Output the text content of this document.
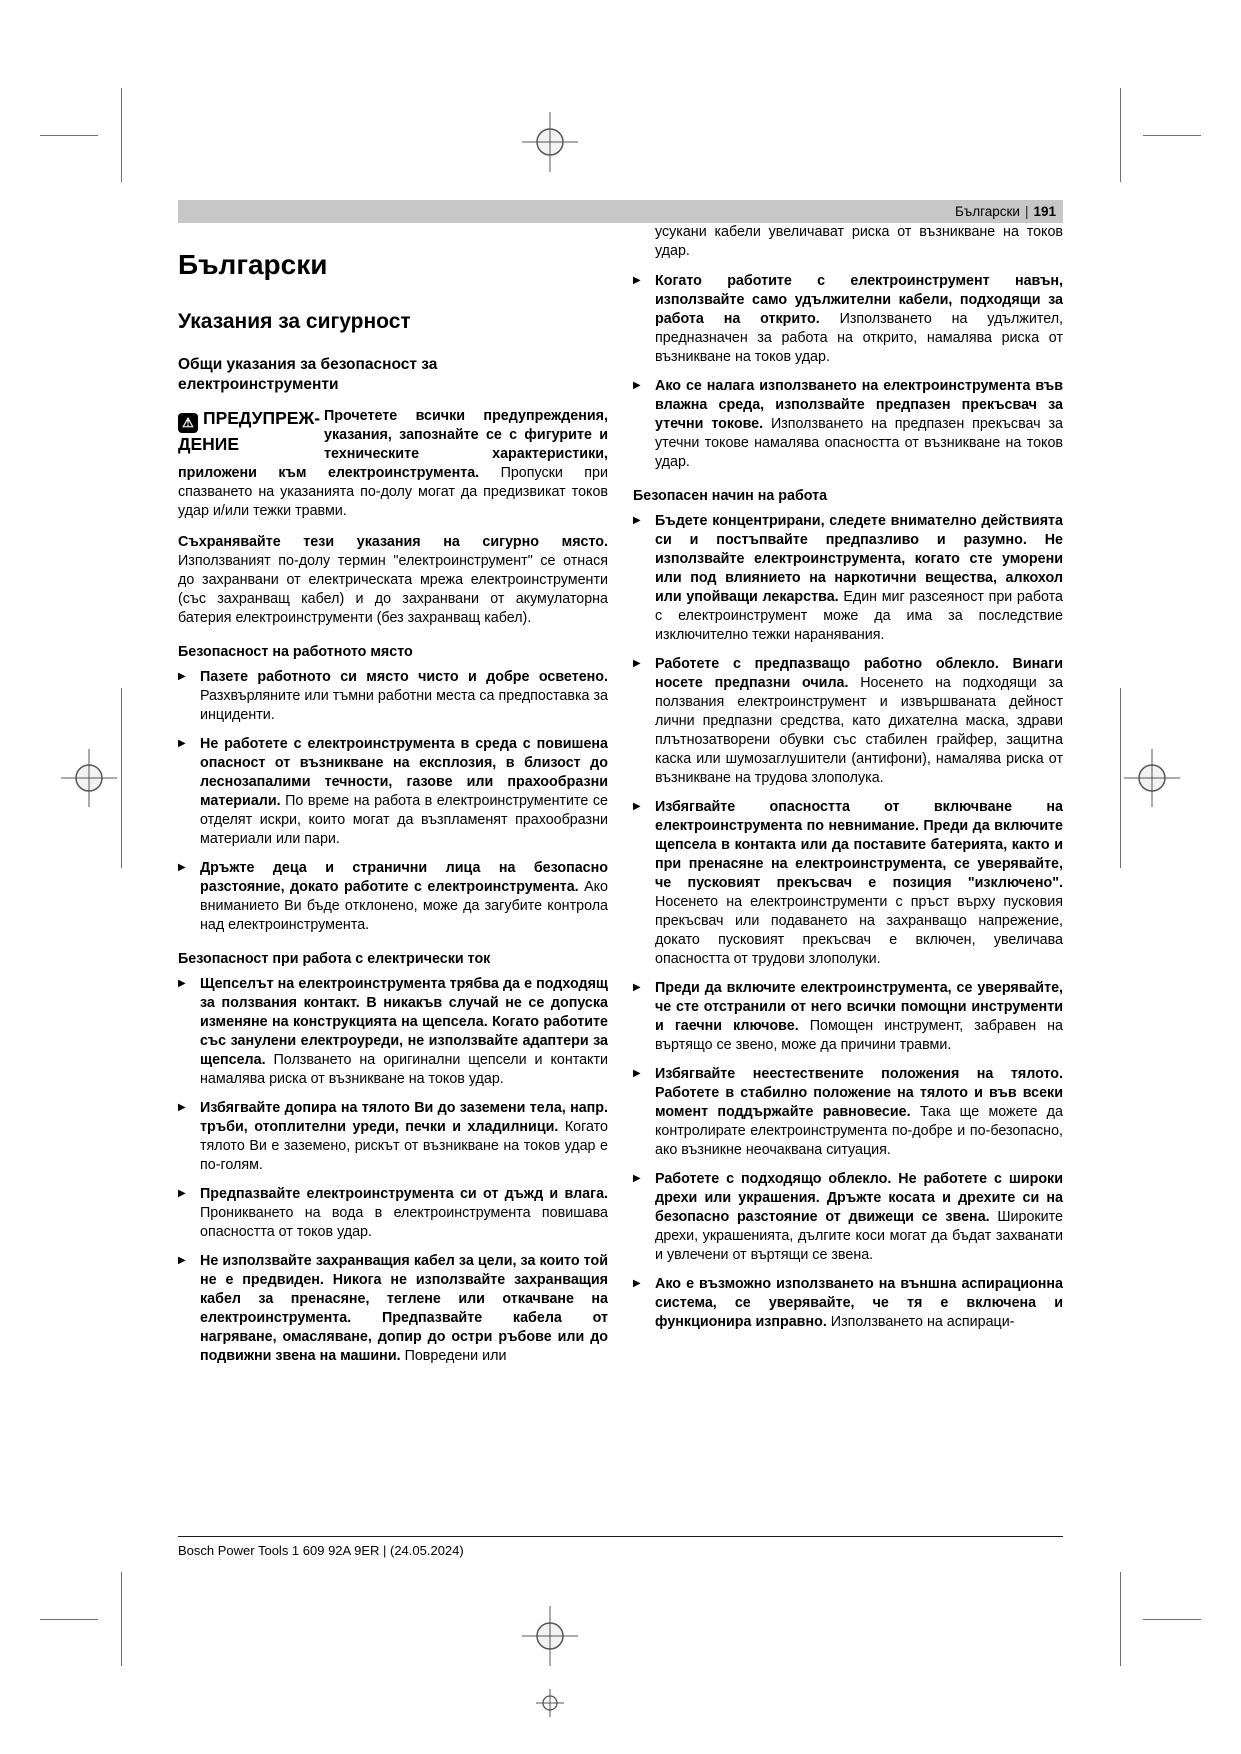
Български | 191
Български
Указания за сигурност
Общи указания за безопасност за електроинструменти
⚠ ПРЕДУПРЕЖ-
ДЕНИЕ
Прочетете всички предупреждения, указания, запознайте се с фигурите и техническите характеристики, приложени към електроинструмента. Пропуски при спазването на указанията по-долу могат да предизвикат токов удар и/или тежки травми.

Съхранявайте тези указания на сигурно място. Използваният по-долу термин "електроинструмент" се отнася до захранвани от електрическата мрежа електроинструменти (със захранващ кабел) и до захранвани от акумулаторна батерия електроинструменти (без захранващ кабел).

Безопасност на работното място
▶ Пазете работното си място чисто и добре осветено. Разхвърляните или тъмни работни места са предпоставка за инциденти.
▶ Не работете с електроинструмента в среда с повишена опасност от възникване на експлозия, в близост до леснозапалими течности, газове или прахообразни материали. По време на работа в електроинструментите се отделят искри, които могат да възпламенят прахообразни материали или пари.
▶ Дръжте деца и странични лица на безопасно разстояние, докато работите с електроинструмента. Ако вниманието Ви бъде отклонено, може да загубите контрола над електроинструмента.
Безопасност при работа с електрически ток
▶ Щепселът на електроинструмента трябва да е подходящ за ползвания контакт. В никакъв случай не се допуска изменяне на конструкцията на щепсела. Когато работите със занулени електроуреди, не използвайте адаптери за щепсела. Ползването на оригинални щепсели и контакти намалява риска от възникване на токов удар.
▶ Избягвайте допира на тялото Ви до заземени тела, напр. тръби, отоплителни уреди, печки и хладилници. Когато тялото Ви е заземено, рискът от възникване на токов удар е по-голям.
▶ Предпазвайте електроинструмента си от дъжд и влага. Проникването на вода в електроинструмента повишава опасността от токов удар.
▶ Не използвайте захранващия кабел за цели, за които той не е предвиден. Никога не използвайте захранващия кабел за пренасяне, теглене или откачване на електроинструмента. Предпазвайте кабела от нагряване, омасляване, допир до остри ръбове или до подвижни звена на машини. Повредени или

усукани кабели увеличават риска от възникване на токов удар.

▶ Когато работите с електроинструмент навън, използвайте само удължителни кабели, подходящи за работа на открито. Използването на удължител, предназначен за работа на открито, намалява риска от възникване на токов удар.
▶ Ако се налага използването на електроинструмента във влажна среда, използвайте предпазен прекъсвач за утечни токове. Използването на предпазен прекъсвач за утечни токове намалява опасността от възникване на токов удар.
Безопасен начин на работа
▶ Бъдете концентрирани, следете внимателно действията си и постъпвайте предпазливо и разумно. Не използвайте електроинструмента, когато сте уморени или под влиянието на наркотични вещества, алкохол или упойващи лекарства. Един миг разсеяност при работа с електроинструмент може да има за последствие изключително тежки наранявания.
▶ Работете с предпазващо работно облекло. Винаги носете предпазни очила. Носенето на подходящи за ползвания електроинструмент и извършваната дейност лични предпазни средства, като дихателна маска, здрави плътнозатворени обувки със стабилен грайфер, защитна каска или шумозаглушители (антифони), намалява риска от възникване на трудова злополука.
▶ Избягвайте опасността от включване на електроинструмента по невнимание. Преди да включите щепсела в контакта или да поставите батерията, както и при пренасяне на електроинструмента, се уверявайте, че пусковият прекъсвач е позиция "изключено". Носенето на електроинструменти с пръст върху пусковия прекъсвач или подаването на захранващо напрежение, докато пусковият прекъсвач е включен, увеличава опасността от трудови злополуки.
▶ Преди да включите електроинструмента, се уверявайте, че сте отстранили от него всички помощни инструменти и гаечни ключове. Помощен инструмент, забравен на въртящо се звено, може да причини травми.
▶ Избягвайте неестествените положения на тялото. Работете в стабилно положение на тялото и във всеки момент поддържайте равновесие. Така ще можете да контролирате електроинструмента по-добре и по-безопасно, ако възникне неочаквана ситуация.
▶ Работете с подходящо облекло. Не работете с широки дрехи или украшения. Дръжте косата и дрехите си на безопасно разстояние от движещи се звена. Широките дрехи, украшенията, дългите коси могат да бъдат захванати и увлечени от въртящи се звена.
▶ Ако е възможно използването на външна аспирационна система, се уверявайте, че тя е включена и функционира изправно. Използването на аспираци-
Bosch Power Tools 1 609 92A 9ER | (24.05.2024)
